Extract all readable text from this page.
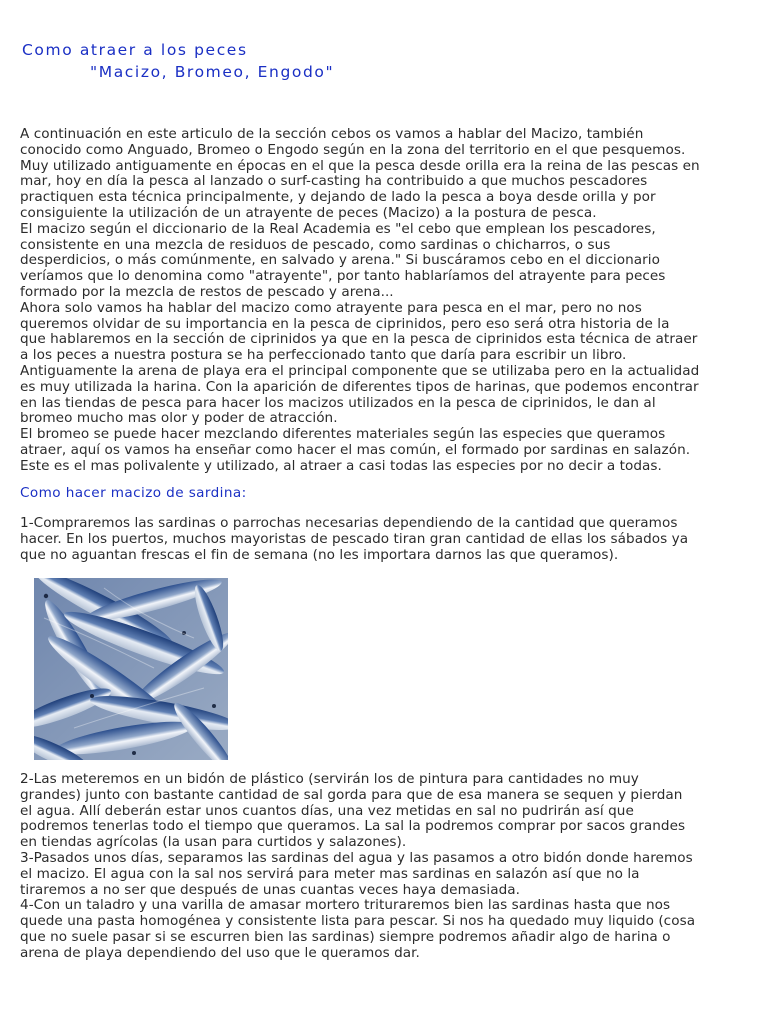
Como atraer a los peces
"Macizo, Bromeo, Engodo"
A continuación en este articulo de la sección cebos os vamos a hablar del Macizo, también
conocido como Anguado, Bromeo o Engodo según en la zona del territorio en el que pesquemos.
Muy utilizado antiguamente en épocas en el que la pesca desde orilla era la reina de las pescas en
mar, hoy en día la pesca al lanzado o surf-casting ha contribuido a que muchos pescadores
practiquen esta técnica principalmente, y dejando de lado la pesca a boya desde orilla y por
consiguiente la utilización de un atrayente de peces (Macizo) a la postura de pesca.
El macizo según el diccionario de la Real Academia es "el cebo que emplean los pescadores,
consistente en una mezcla de residuos de pescado, como sardinas o chicharros, o sus
desperdicios, o más comúnmente, en salvado y arena." Si buscáramos cebo en el diccionario
veríamos que lo denomina como "atrayente", por tanto hablaríamos del atrayente para peces
formado por la mezcla de restos de pescado y arena...
Ahora solo vamos ha hablar del macizo como atrayente para pesca en el mar, pero no nos
queremos olvidar de su importancia en la pesca de ciprinidos, pero eso será otra historia de la
que hablaremos en la sección de ciprinidos ya que en la pesca de ciprinidos esta técnica de atraer
a los peces a nuestra postura se ha perfeccionado tanto que daría para escribir un libro.
Antiguamente la arena de playa era el principal componente que se utilizaba pero en la actualidad
es muy utilizada la harina. Con la aparición de diferentes tipos de harinas, que podemos encontrar
en las tiendas de pesca para hacer los macizos utilizados en la pesca de ciprinidos, le dan al
bromeo mucho mas olor y poder de atracción.
El bromeo se puede hacer mezclando diferentes materiales según las especies que queramos
atraer, aquí os vamos ha enseñar como hacer el mas común, el formado por sardinas en salazón.
Este es el mas polivalente y utilizado, al atraer a casi todas las especies por no decir a todas.
Como hacer macizo de sardina:
1-Compraremos las sardinas o parrochas necesarias dependiendo de la cantidad que queramos
hacer. En los puertos, muchos mayoristas de pescado tiran gran cantidad de ellas los sábados ya
que no aguantan frescas el fin de semana (no les importara darnos las que queramos).
2-Las meteremos en un bidón de plástico (servirán los de pintura para cantidades no muy
grandes) junto con bastante cantidad de sal gorda para que de esa manera se sequen y pierdan
el agua. Allí deberán estar unos cuantos días, una vez metidas en sal no pudrirán así que
podremos tenerlas todo el tiempo que queramos. La sal la podremos comprar por sacos grandes
en tiendas agrícolas (la usan para curtidos y salazones).
3-Pasados unos días, separamos las sardinas del agua y las pasamos a otro bidón donde haremos
el macizo. El agua con la sal nos servirá para meter mas sardinas en salazón así que no la
tiraremos a no ser que después de unas cuantas veces haya demasiada.
4-Con un taladro y una varilla de amasar mortero trituraremos bien las sardinas hasta que nos
quede una pasta homogénea y consistente lista para pescar. Si nos ha quedado muy liquido (cosa
que no suele pasar si se escurren bien las sardinas) siempre podremos añadir algo de harina o
arena de playa dependiendo del uso que le queramos dar.
